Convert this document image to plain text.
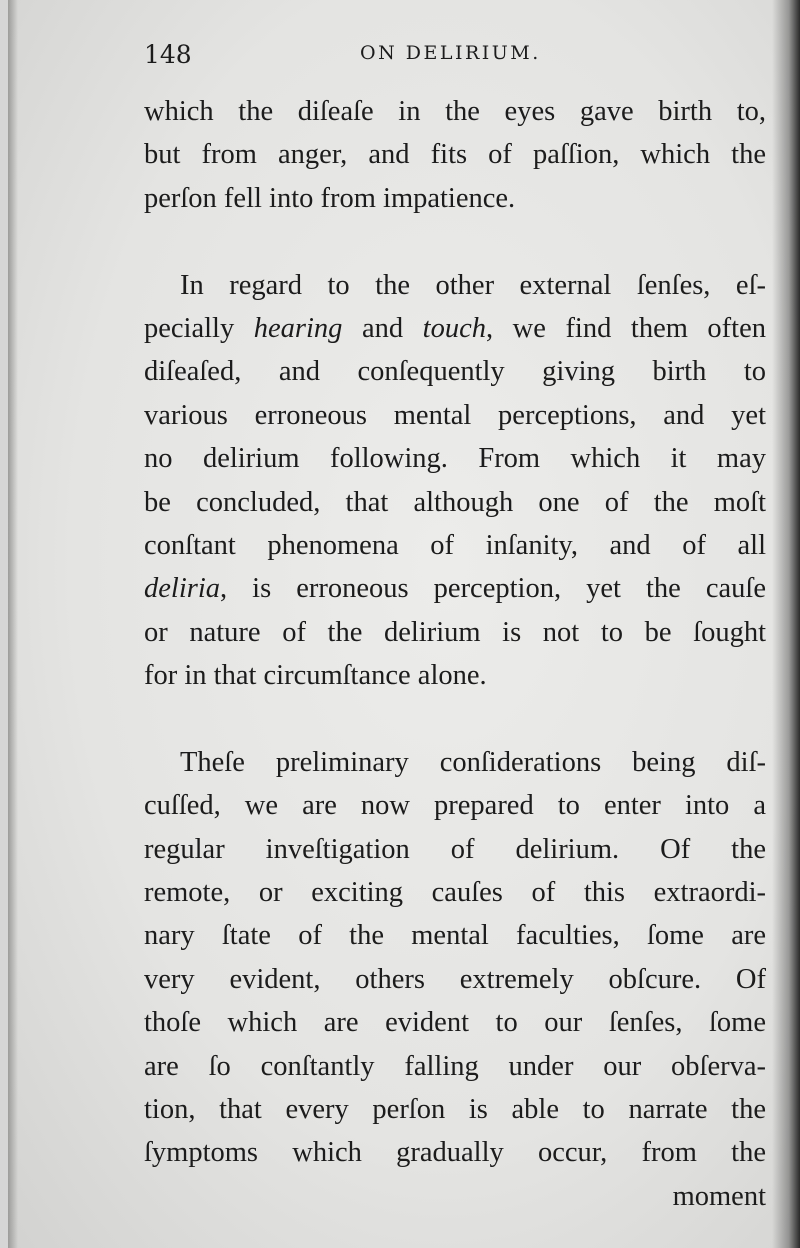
148	ON DELIRIUM.
which the diſeaſe in the eyes gave birth to,
but from anger, and fits of paſſion, which the
perſon fell into from impatience.
In regard to the other external ſenſes, eſ-
pecially hearing and touch, we find them often
diſeaſed, and conſequently giving birth to
various erroneous mental perceptions, and yet
no delirium following. From which it may
be concluded, that although one of the moſt
conſtant phenomena of inſanity, and of all
deliria, is erroneous perception, yet the cauſe
or nature of the delirium is not to be ſought
for in that circumſtance alone.
Theſe preliminary conſiderations being diſ-
cuſſed, we are now prepared to enter into a
regular inveſtigation of delirium. Of the
remote, or exciting cauſes of this extraordi-
nary ſtate of the mental faculties, ſome are
very evident, others extremely obſcure. Of
thoſe which are evident to our ſenſes, ſome
are ſo conſtantly falling under our obſerva-
tion, that every perſon is able to narrate the
ſymptoms which gradually occur, from the
moment
